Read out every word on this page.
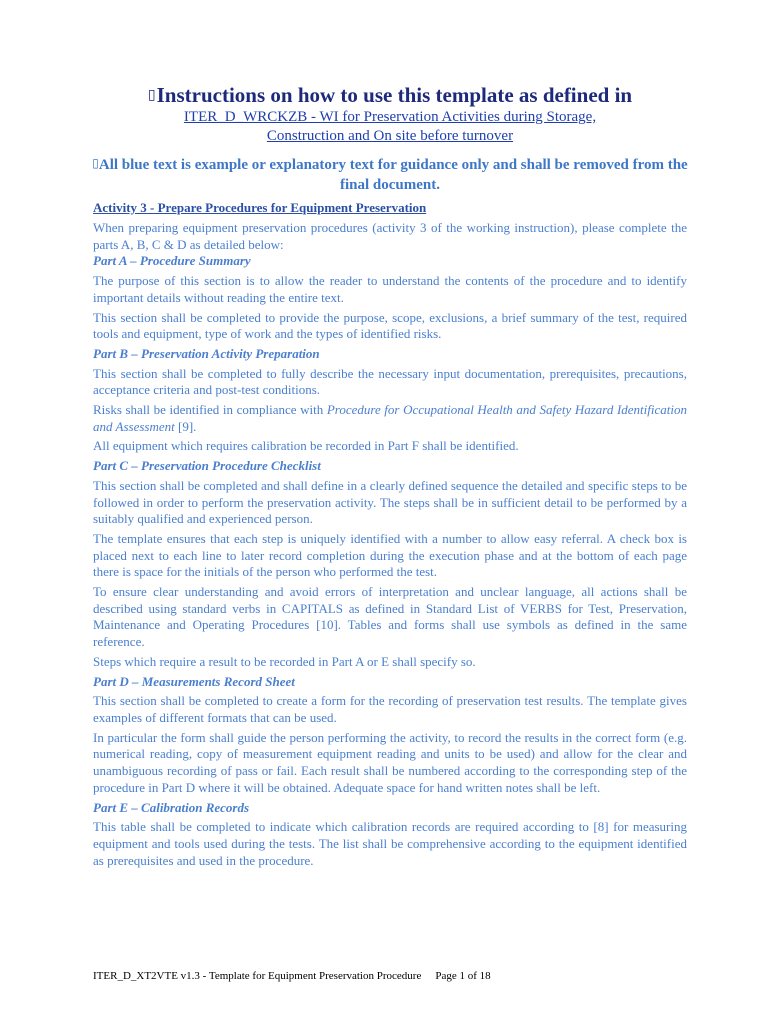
▯Instructions on how to use this template as defined in

ITER_D_WRCKZB - WI for Preservation Activities during Storage,

Construction and On site before turnover

▯All blue text is example or explanatory text for guidance only and shall be removed from the final document.

Activity 3 - Prepare Procedures for Equipment Preservation

When preparing equipment preservation procedures (activity 3 of the working instruction), please complete the parts A, B, C & D as detailed below:

Part A – Procedure Summary

The purpose of this section is to allow the reader to understand the contents of the procedure and to identify important details without reading the entire text.

This section shall be completed to provide the purpose, scope, exclusions, a brief summary of the test, required tools and equipment, type of work and the types of identified risks.

Part B – Preservation Activity Preparation

This section shall be completed to fully describe the necessary input documentation, prerequisites, precautions, acceptance criteria and post-test conditions.

Risks shall be identified in compliance with Procedure for Occupational Health and Safety Hazard Identification and Assessment [9].

All equipment which requires calibration be recorded in Part F shall be identified.

Part C – Preservation Procedure Checklist

This section shall be completed and shall define in a clearly defined sequence the detailed and specific steps to be followed in order to perform the preservation activity. The steps shall be in sufficient detail to be performed by a suitably qualified and experienced person.

The template ensures that each step is uniquely identified with a number to allow easy referral. A check box is placed next to each line to later record completion during the execution phase and at the bottom of each page there is space for the initials of the person who performed the test.

To ensure clear understanding and avoid errors of interpretation and unclear language, all actions shall be described using standard verbs in CAPITALS as defined in Standard List of VERBS for Test, Preservation, Maintenance and Operating Procedures [10]. Tables and forms shall use symbols as defined in the same reference.

Steps which require a result to be recorded in Part A or E shall specify so.

Part D – Measurements Record Sheet

This section shall be completed to create a form for the recording of preservation test results. The template gives examples of different formats that can be used.

In particular the form shall guide the person performing the activity, to record the results in the correct form (e.g. numerical reading, copy of measurement equipment reading and units to be used) and allow for the clear and unambiguous recording of pass or fail. Each result shall be numbered according to the corresponding step of the procedure in Part D where it will be obtained. Adequate space for hand written notes shall be left.

Part E – Calibration Records

This table shall be completed to indicate which calibration records are required according to [8] for measuring equipment and tools used during the tests. The list shall be comprehensive according to the equipment identified as prerequisites and used in the procedure.

ITER_D_XT2VTE v1.3 - Template for Equipment Preservation Procedure Page 1 of 18
